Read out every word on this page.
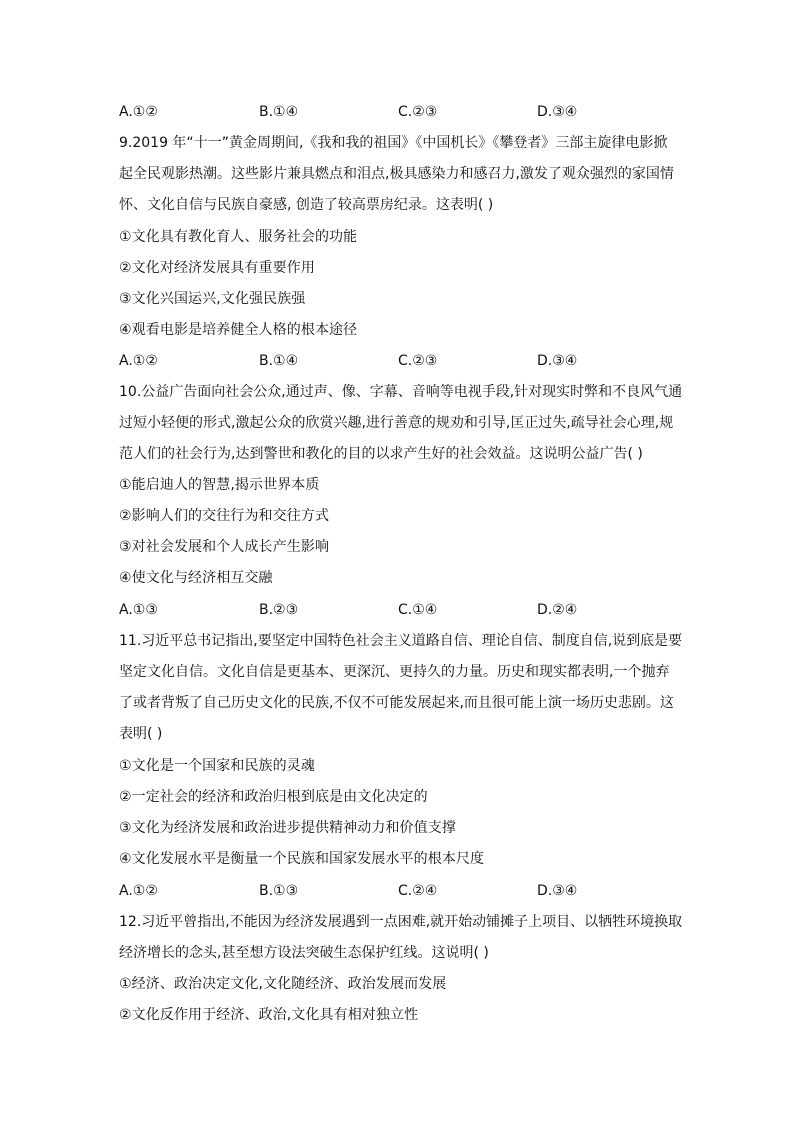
A.①②	B.①④	C.②③	D.③④
9.2019 年“十一”黄金周期间,《我和我的祖国》《中国机长》《攀登者》三部主旋律电影掀
起全民观影热潮。这些影片兼具燃点和泪点,极具感染力和感召力,激发了观众强烈的家国情
怀、文化自信与民族自豪感, 创造了较高票房纪录。这表明( )
①文化具有教化育人、服务社会的功能
②文化对经济发展具有重要作用
③文化兴国运兴,文化强民族强
④观看电影是培养健全人格的根本途径
A.①②	B.①④	C.②③	D.③④
10.公益广告面向社会公众,通过声、像、字幕、音响等电视手段,针对现实时弊和不良风气通
过短小轻便的形式,激起公众的欣赏兴趣,进行善意的规劝和引导,匡正过失,疏导社会心理,规
范人们的社会行为,达到警世和教化的目的以求产生好的社会效益。这说明公益广告( )
①能启迪人的智慧,揭示世界本质
②影响人们的交往行为和交往方式
③对社会发展和个人成长产生影响
④使文化与经济相互交融
A.①③	B.②③	C.①④	D.②④
11.习近平总书记指出,要坚定中国特色社会主义道路自信、理论自信、制度自信,说到底是要
坚定文化自信。文化自信是更基本、更深沉、更持久的力量。历史和现实都表明,一个抛弃
了或者背叛了自己历史文化的民族,不仅不可能发展起来,而且很可能上演一场历史悲剧。这
表明( )
①文化是一个国家和民族的灵魂
②一定社会的经济和政治归根到底是由文化决定的
③文化为经济发展和政治进步提供精神动力和价值支撑
④文化发展水平是衡量一个民族和国家发展水平的根本尺度
A.①②	B.①③	C.②④	D.③④
12.习近平曾指出,不能因为经济发展遇到一点困难,就开始动铺摊子上项目、以牺牲环境换取
经济增长的念头,甚至想方设法突破生态保护红线。这说明( )
①经济、政治决定文化,文化随经济、政治发展而发展
②文化反作用于经济、政治,文化具有相对独立性
